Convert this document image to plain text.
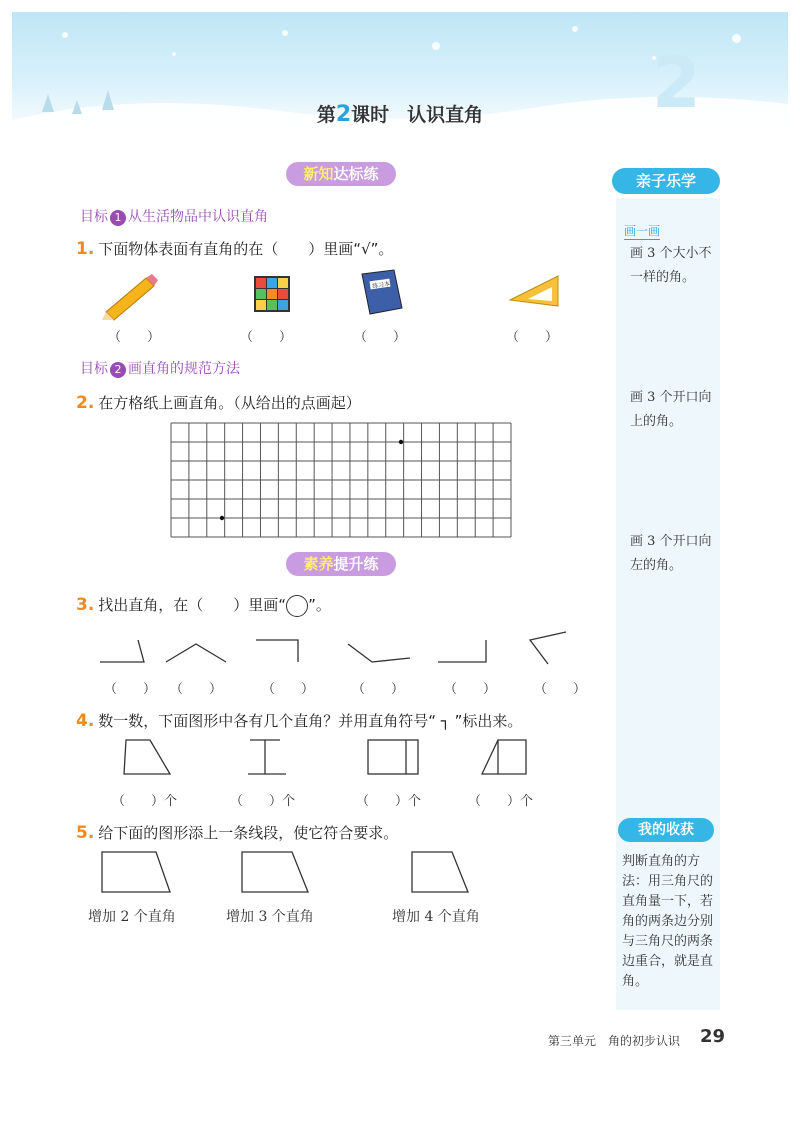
2
第2课时 认识直角
亲子乐学
画一画
画 3 个大小不一样的角。
画 3 个开口向上的角。
画 3 个开口向左的角。
我的收获
判断直角的方法：用三角尺的直角量一下，若角的两条边分别与三角尺的两条边重合，就是直角。
新知达标练
目标 1 从生活物品中认识直角
1. 下面物体表面有直角的在（　　）里画“√”。
练习本
（　　）	（　　）	（　　）	（　　）
目标 2 画直角的规范方法
2. 在方格纸上画直角。（从给出的点画起）
素养提升练
3. 找出直角，在（　　）里画“ ”。
（　　） （　　）	（　　）	（　　）	（　　）	（　　）
4. 数一数，下面图形中各有几个直角？并用直角符号“ ┐ ”标出来。
（　　）个	（　　）个	（　　）个	（　　）个
5. 给下面的图形添上一条线段，使它符合要求。
增加 2 个直角	增加 3 个直角	增加 4 个直角
第三单元　角的初步认识 29
